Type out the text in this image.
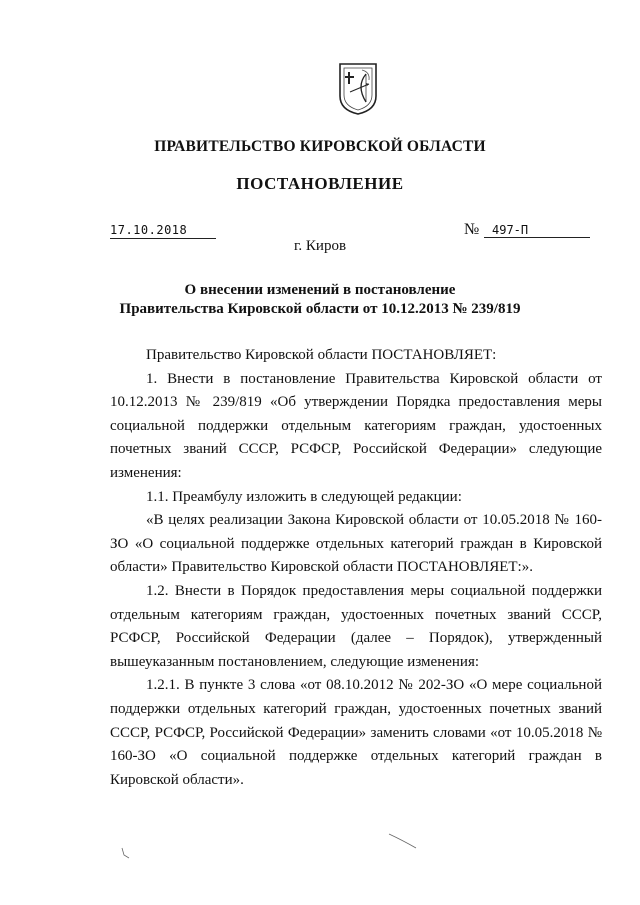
ПРАВИТЕЛЬСТВО КИРОВСКОЙ ОБЛАСТИ
ПОСТАНОВЛЕНИЕ
17.10.2018	№	497-П
г. Киров
О внесении изменений в постановление
Правительства Кировской области от 10.12.2013 № 239/819

Правительство Кировской области ПОСТАНОВЛЯЕТ:

1. Внести в постановление Правительства Кировской области от 10.12.2013 № 239/819 «Об утверждении Порядка предоставления меры социальной поддержки отдельным категориям граждан, удостоенных почетных званий СССР, РСФСР, Российской Федерации» следующие изменения:

1.1. Преамбулу изложить в следующей редакции:

«В целях реализации Закона Кировской области от 10.05.2018 № 160-ЗО «О социальной поддержке отдельных категорий граждан в Кировской области» Правительство Кировской области ПОСТАНОВЛЯЕТ:».

1.2. Внести в Порядок предоставления меры социальной поддержки отдельным категориям граждан, удостоенных почетных званий СССР, РСФСР, Российской Федерации (далее – Порядок), утвержденный вышеуказанным постановлением, следующие изменения:

1.2.1. В пункте 3 слова «от 08.10.2012 № 202-ЗО «О мере социальной поддержки отдельных категорий граждан, удостоенных почетных званий СССР, РСФСР, Российской Федерации» заменить словами «от 10.05.2018 № 160-ЗО «О социальной поддержке отдельных категорий граждан в Кировской области».
